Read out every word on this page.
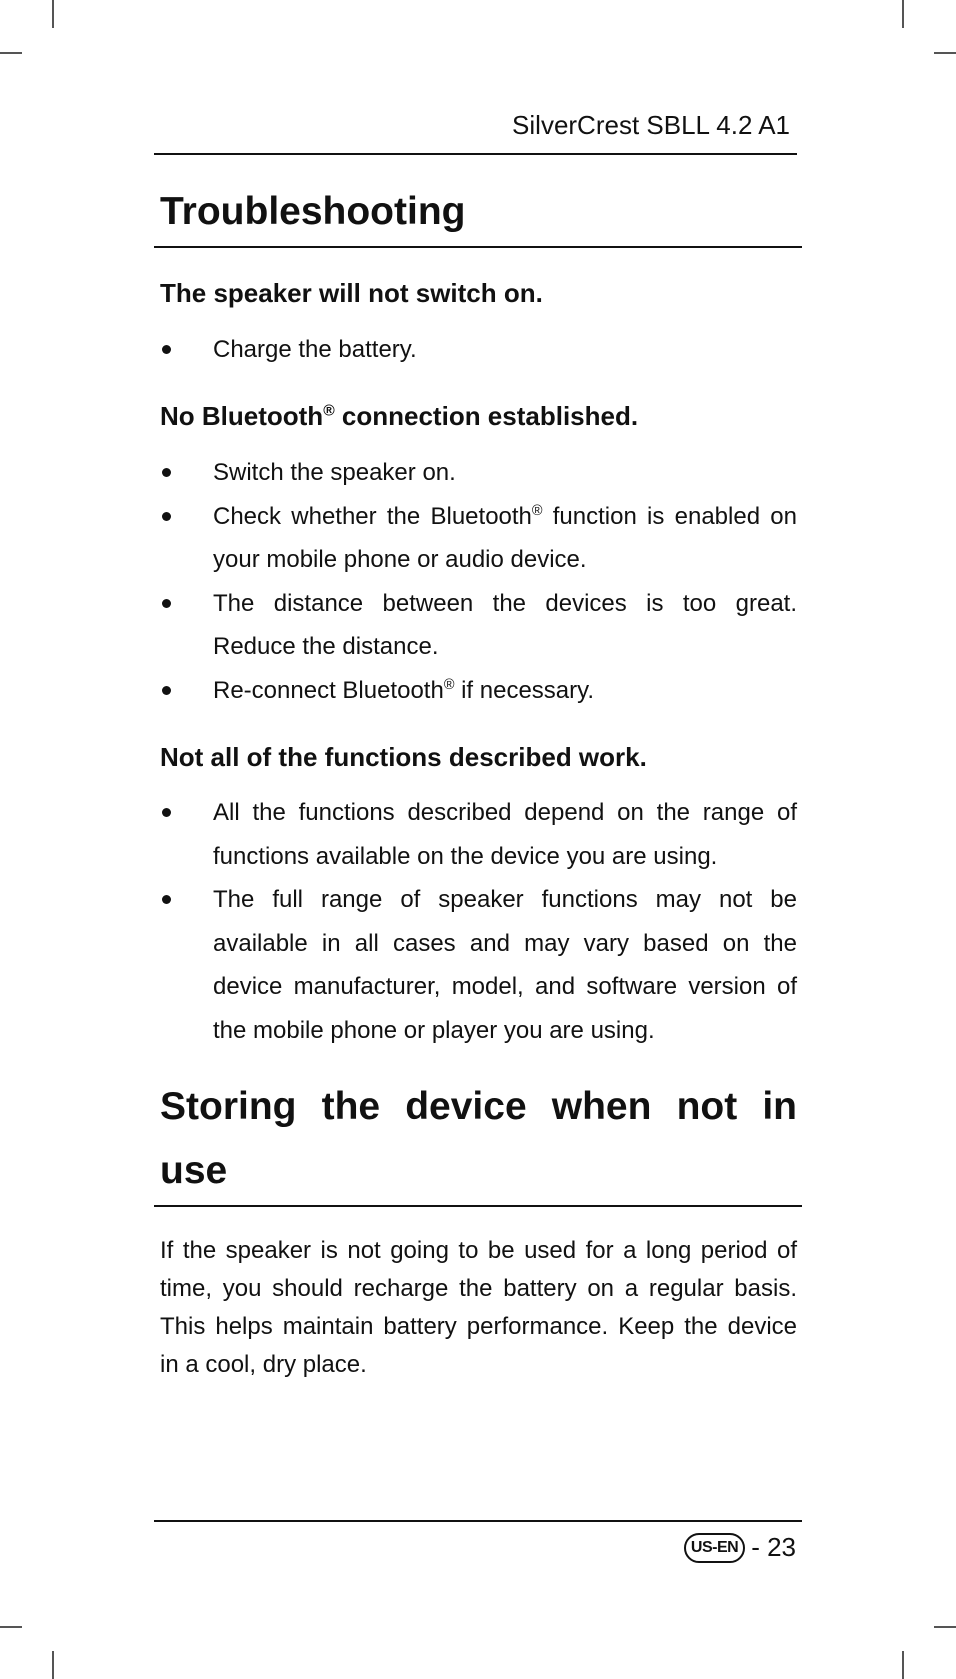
SilverCrest SBLL 4.2 A1
Troubleshooting
The speaker will not switch on.
Charge the battery.
No Bluetooth® connection established.
Switch the speaker on.
Check whether the Bluetooth® function is enabled on your mobile phone or audio device.
The distance between the devices is too great. Reduce the distance.
Re-connect Bluetooth® if necessary.
Not all of the functions described work.
All the functions described depend on the range of functions available on the device you are using.
The full range of speaker functions may not be available in all cases and may vary based on the device manufacturer, model, and software version of the mobile phone or player you are using.
Storing the device when not in use

If the speaker is not going to be used for a long period of time, you should recharge the battery on a regular basis. This helps maintain battery performance. Keep the device in a cool, dry place.

US-EN - 23
